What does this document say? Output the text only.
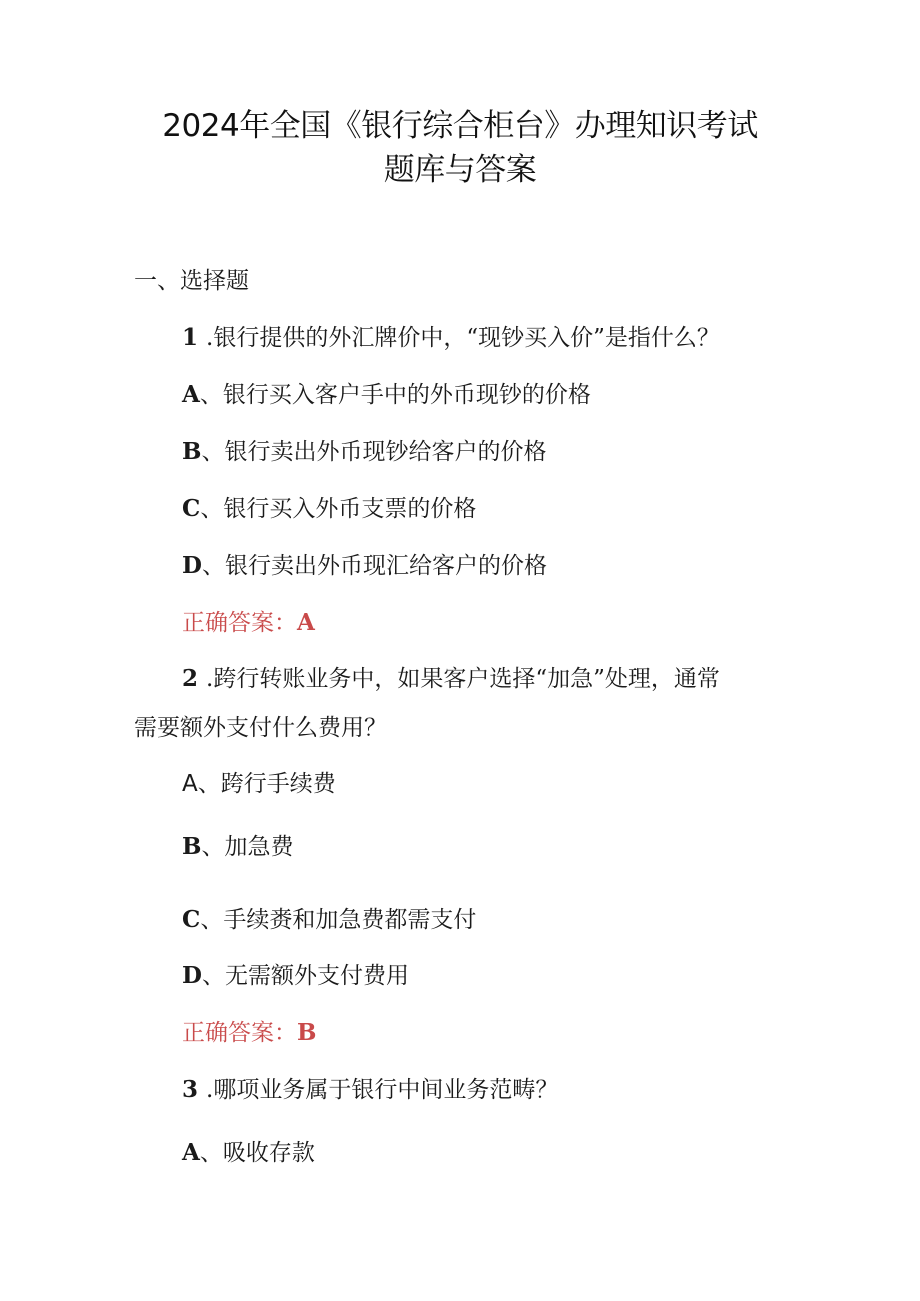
2024年全国《银行综合柜台》办理知识考试
题库与答案
一、选择题
1 .银行提供的外汇牌价中，“现钞买入价”是指什么？
A、银行买入客户手中的外币现钞的价格
B、银行卖出外币现钞给客户的价格
C、银行买入外币支票的价格
D、银行卖出外币现汇给客户的价格
正确答案：A
2 .跨行转账业务中，如果客户选择“加急”处理，通常
需要额外支付什么费用？
A、跨行手续费
B、加急费
C、手续赉和加急费都需支付
D、无需额外支付费用
正确答案：B
3 .哪项业务属于银行中间业务范畴？
A、吸收存款
